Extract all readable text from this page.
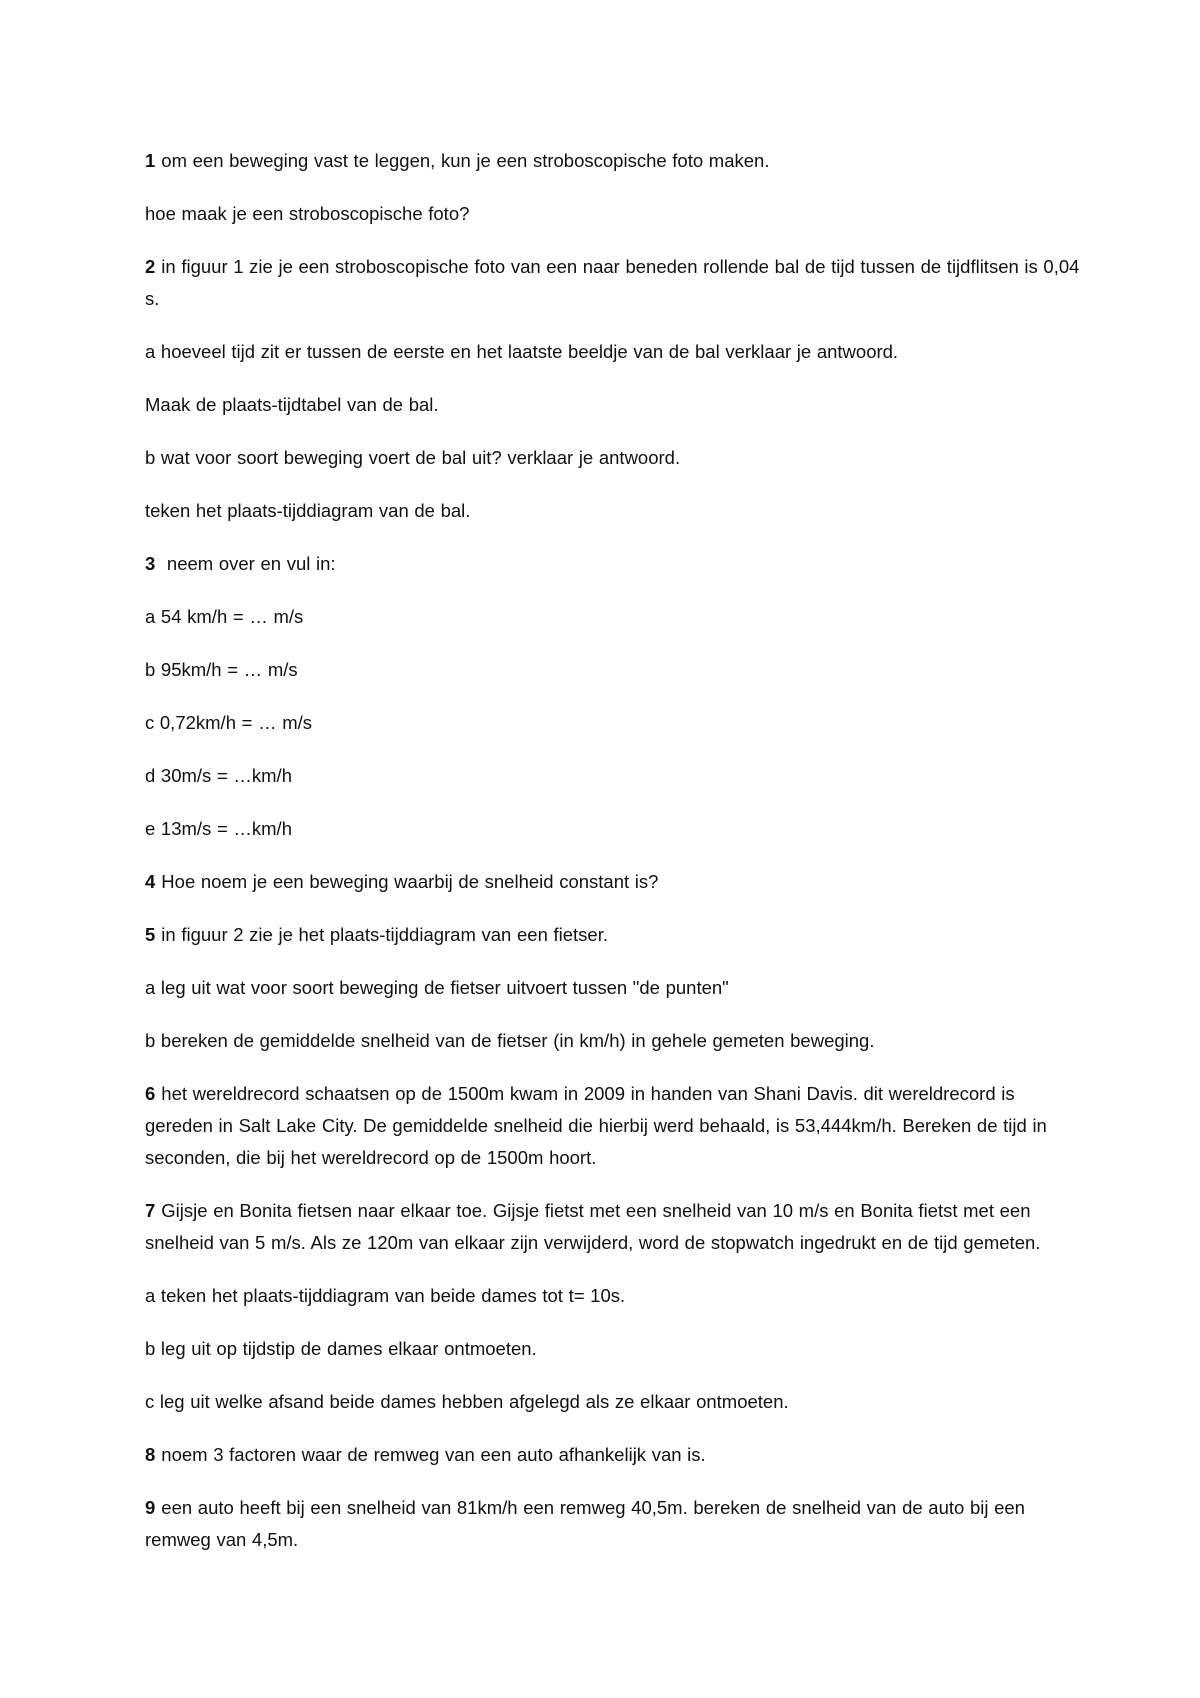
1 om een beweging vast te leggen, kun je een stroboscopische foto maken.

hoe maak je een stroboscopische foto?

2 in figuur 1 zie je een stroboscopische foto van een naar beneden rollende bal de tijd tussen de tijdflitsen is 0,04 s.

a hoeveel tijd zit er tussen de eerste en het laatste beeldje van de bal verklaar je antwoord.

Maak de plaats-tijdtabel van de bal.

b wat voor soort beweging voert de bal uit? verklaar je antwoord.

teken het plaats-tijddiagram van de bal.

3 neem over en vul in:

a 54 km/h = … m/s

b 95km/h = … m/s

c 0,72km/h = … m/s

d 30m/s = …km/h

e 13m/s = …km/h

4 Hoe noem je een beweging waarbij de snelheid constant is?

5 in figuur 2 zie je het plaats-tijddiagram van een fietser.

a leg uit wat voor soort beweging de fietser uitvoert tussen "de punten"

b bereken de gemiddelde snelheid van de fietser (in km/h) in gehele gemeten beweging.

6 het wereldrecord schaatsen op de 1500m kwam in 2009 in handen van Shani Davis. dit wereldrecord is gereden in Salt Lake City. De gemiddelde snelheid die hierbij werd behaald, is 53,444km/h. Bereken de tijd in seconden, die bij het wereldrecord op de 1500m hoort.

7 Gijsje en Bonita fietsen naar elkaar toe. Gijsje fietst met een snelheid van 10 m/s en Bonita fietst met een snelheid van 5 m/s. Als ze 120m van elkaar zijn verwijderd, word de stopwatch ingedrukt en de tijd gemeten.

a teken het plaats-tijddiagram van beide dames tot t= 10s.

b leg uit op tijdstip de dames elkaar ontmoeten.

c leg uit welke afsand beide dames hebben afgelegd als ze elkaar ontmoeten.

8 noem 3 factoren waar de remweg van een auto afhankelijk van is.

9 een auto heeft bij een snelheid van 81km/h een remweg 40,5m. bereken de snelheid van de auto bij een remweg van 4,5m.
